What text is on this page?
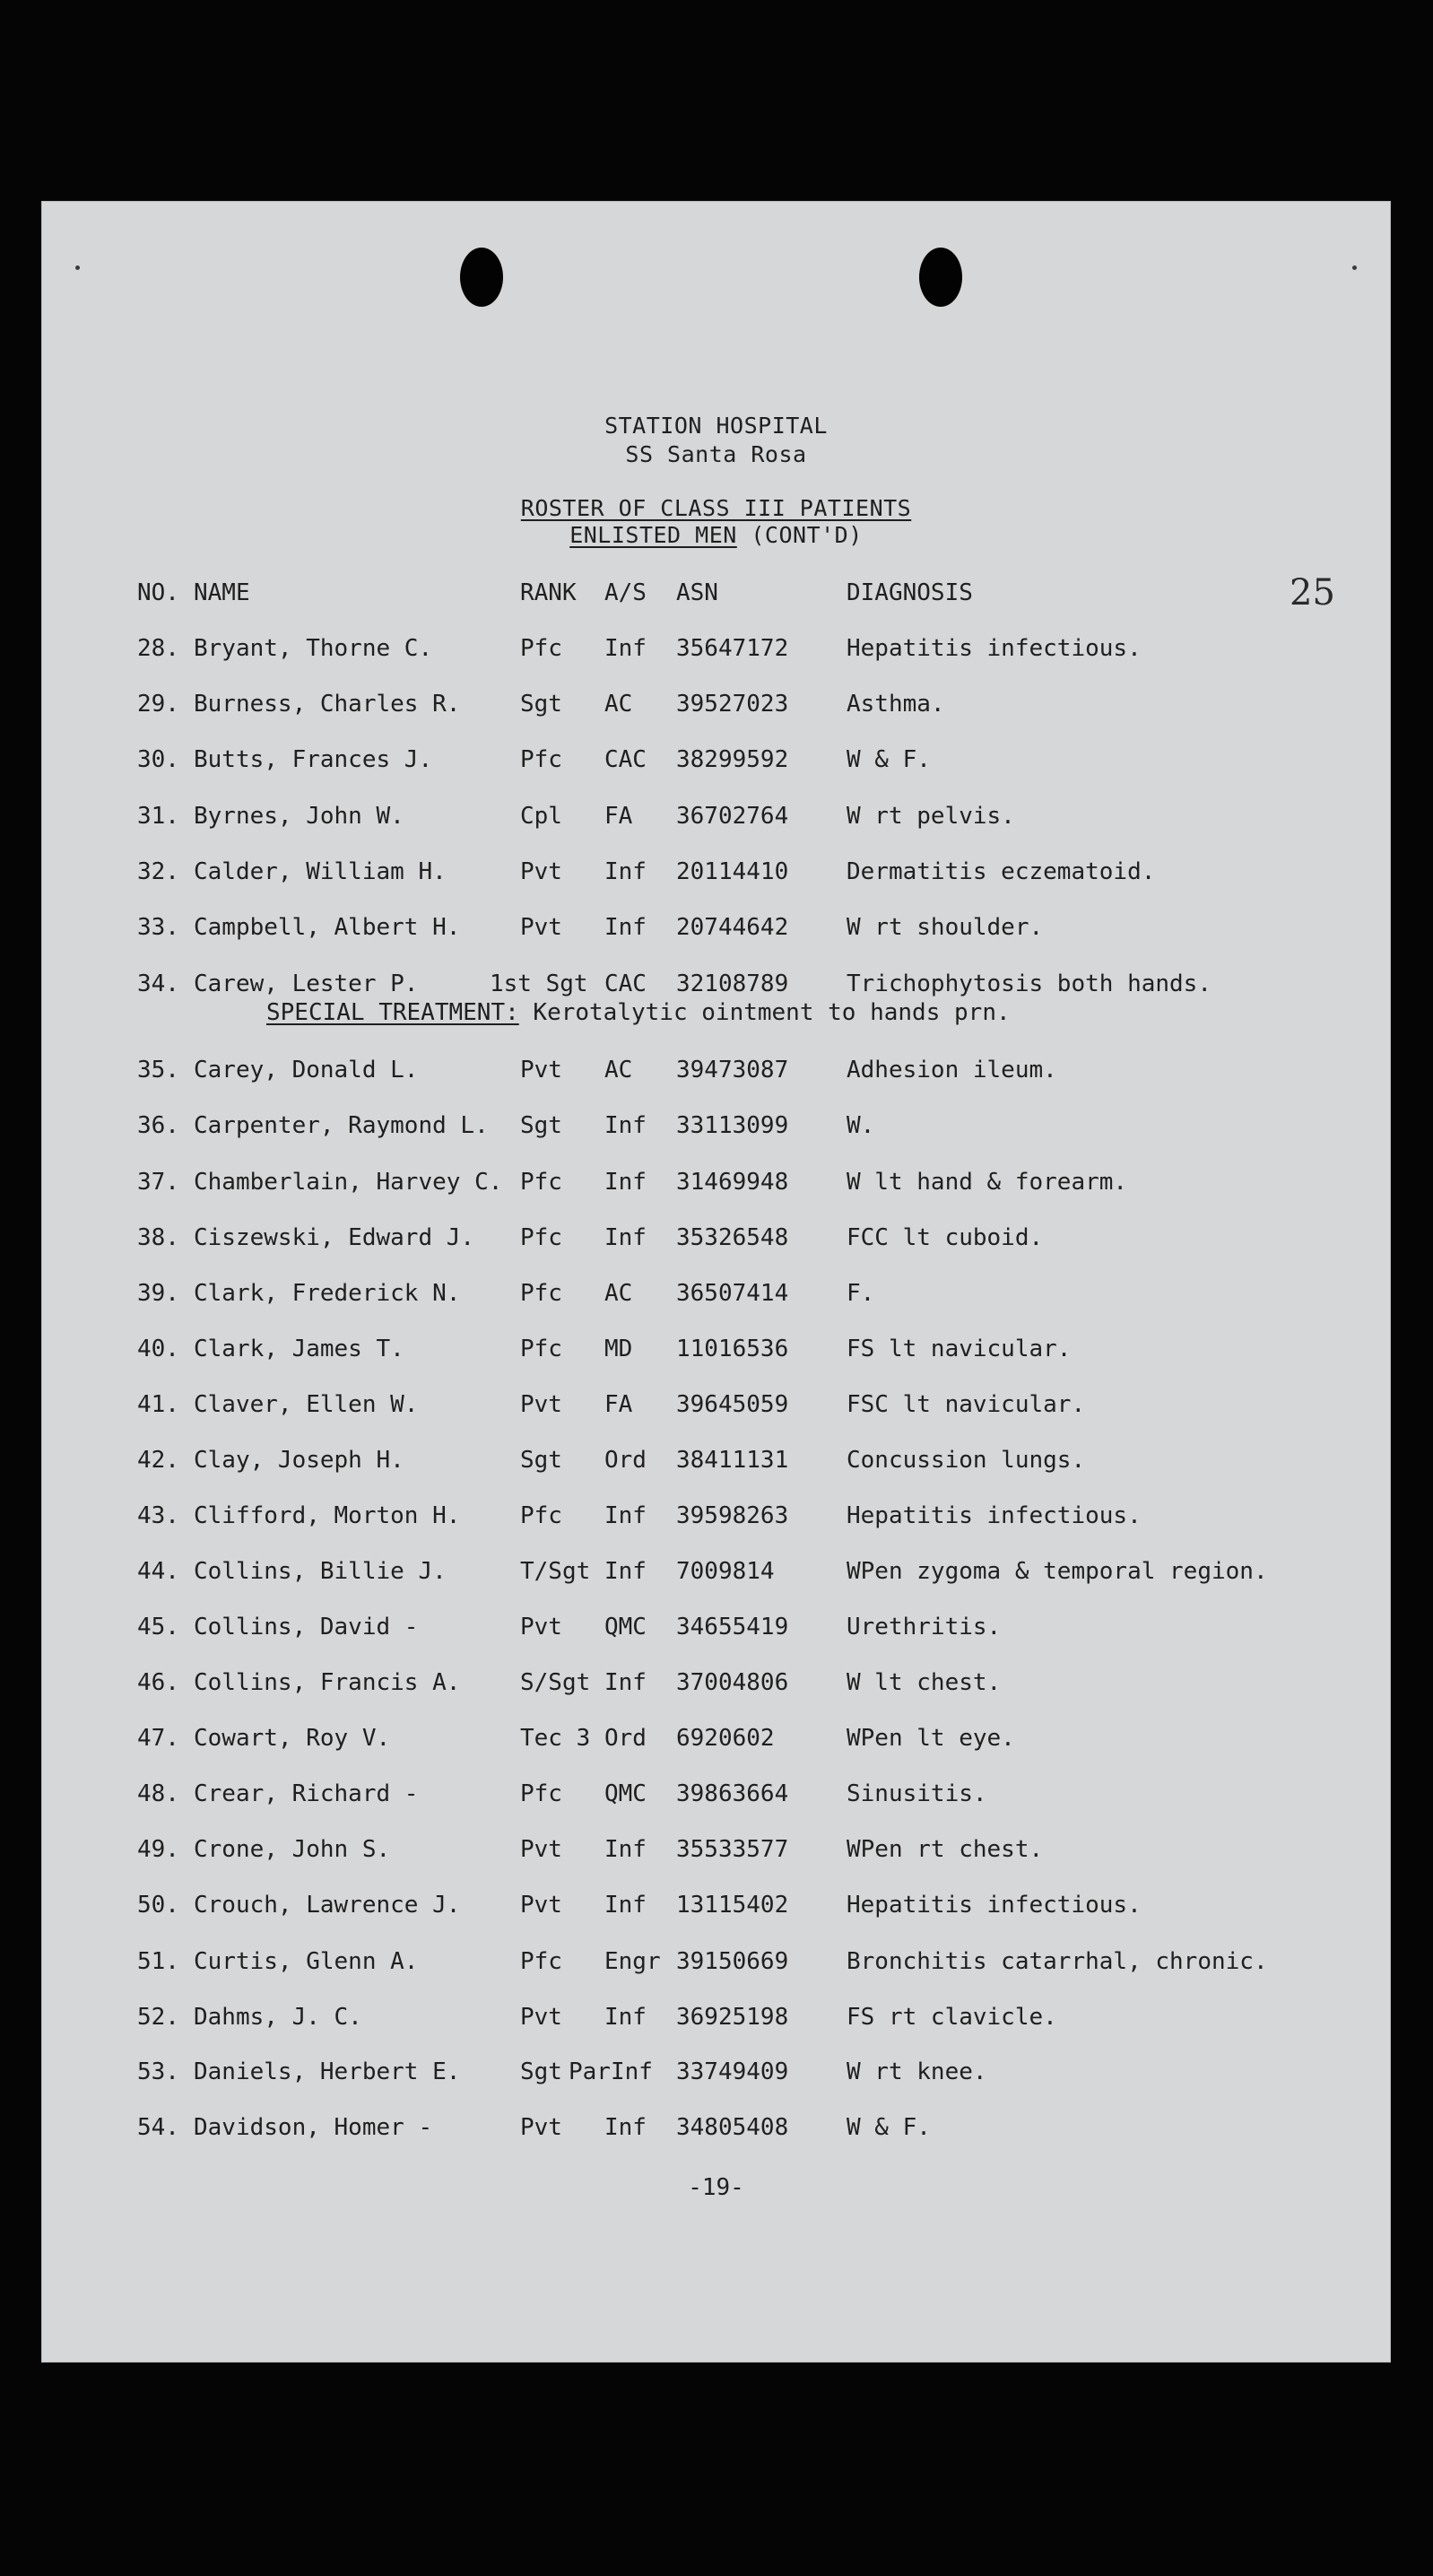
STATION HOSPITAL
SS Santa Rosa
ROSTER OF CLASS III PATIENTS
ENLISTED MEN (CONT'D)
25
NO. NAME	RANK A/S ASN	DIAGNOSIS
28. Bryant, Thorne C.	Pfc Inf 35647172 Hepatitis infectious.
29. Burness, Charles R.	Sgt AC 39527023 Asthma.
30. Butts, Frances J.	Pfc CAC 38299592 W & F.
31. Byrnes, John W.	Cpl FA 36702764 W rt pelvis.
32. Calder, William H.	Pvt Inf 20114410 Dermatitis eczematoid.
33. Campbell, Albert H.	Pvt Inf 20744642 W rt shoulder.
34. Carew, Lester P.	1st Sgt CAC 32108789 Trichophytosis both hands.
35. Carey, Donald L.	Pvt AC 39473087 Adhesion ileum.
36. Carpenter, Raymond L. Sgt Inf 33113099 W.
37. Chamberlain, Harvey C. Pfc Inf 31469948 W lt hand & forearm.
38. Ciszewski, Edward J. Pfc Inf 35326548 FCC lt cuboid.
39. Clark, Frederick N.	Pfc AC 36507414 F.
40. Clark, James T.	Pfc MD 11016536 FS lt navicular.
41. Claver, Ellen W.	Pvt FA 39645059 FSC lt navicular.
42. Clay, Joseph H.	Sgt Ord 38411131 Concussion lungs.
43. Clifford, Morton H.	Pfc Inf 39598263 Hepatitis infectious.
44. Collins, Billie J.	T/Sgt Inf 7009814	WPen zygoma & temporal region.
45. Collins, David -	Pvt QMC 34655419 Urethritis.
46. Collins, Francis A.	S/Sgt Inf 37004806 W lt chest.
47. Cowart, Roy V.	Tec 3 Ord 6920602	WPen lt eye.
48. Crear, Richard -	Pfc QMC 39863664 Sinusitis.
49. Crone, John S.	Pvt Inf 35533577 WPen rt chest.
50. Crouch, Lawrence J.	Pvt Inf 13115402 Hepatitis infectious.
51. Curtis, Glenn A.	Pfc Engr 39150669 Bronchitis catarrhal, chronic.
52. Dahms, J. C.	Pvt Inf 36925198 FS rt clavicle.
53. Daniels, Herbert E.	Sgt ParInf 33749409 W rt knee.
54. Davidson, Homer -	Pvt Inf 34805408 W & F.
SPECIAL TREATMENT: Kerotalytic ointment to hands prn.
-19-
